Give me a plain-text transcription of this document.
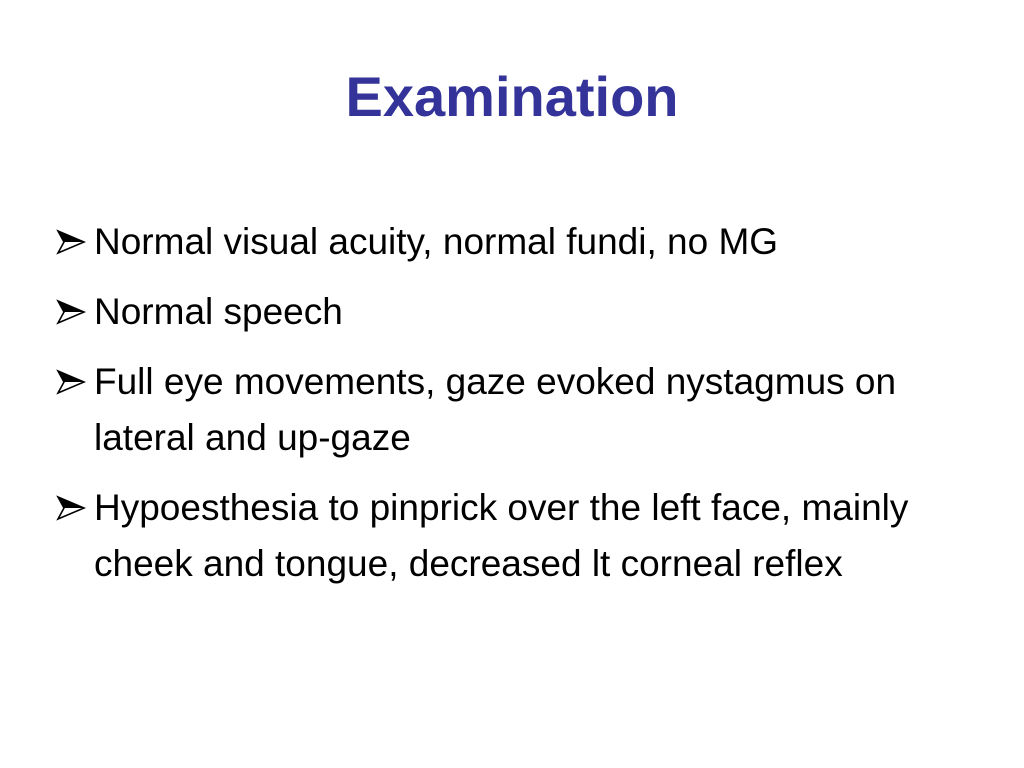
Examination
Normal visual acuity, normal fundi, no MG
Normal speech
Full eye movements, gaze evoked nystagmus on lateral and up-gaze
Hypoesthesia to pinprick over the left face, mainly cheek and tongue, decreased lt corneal reflex
